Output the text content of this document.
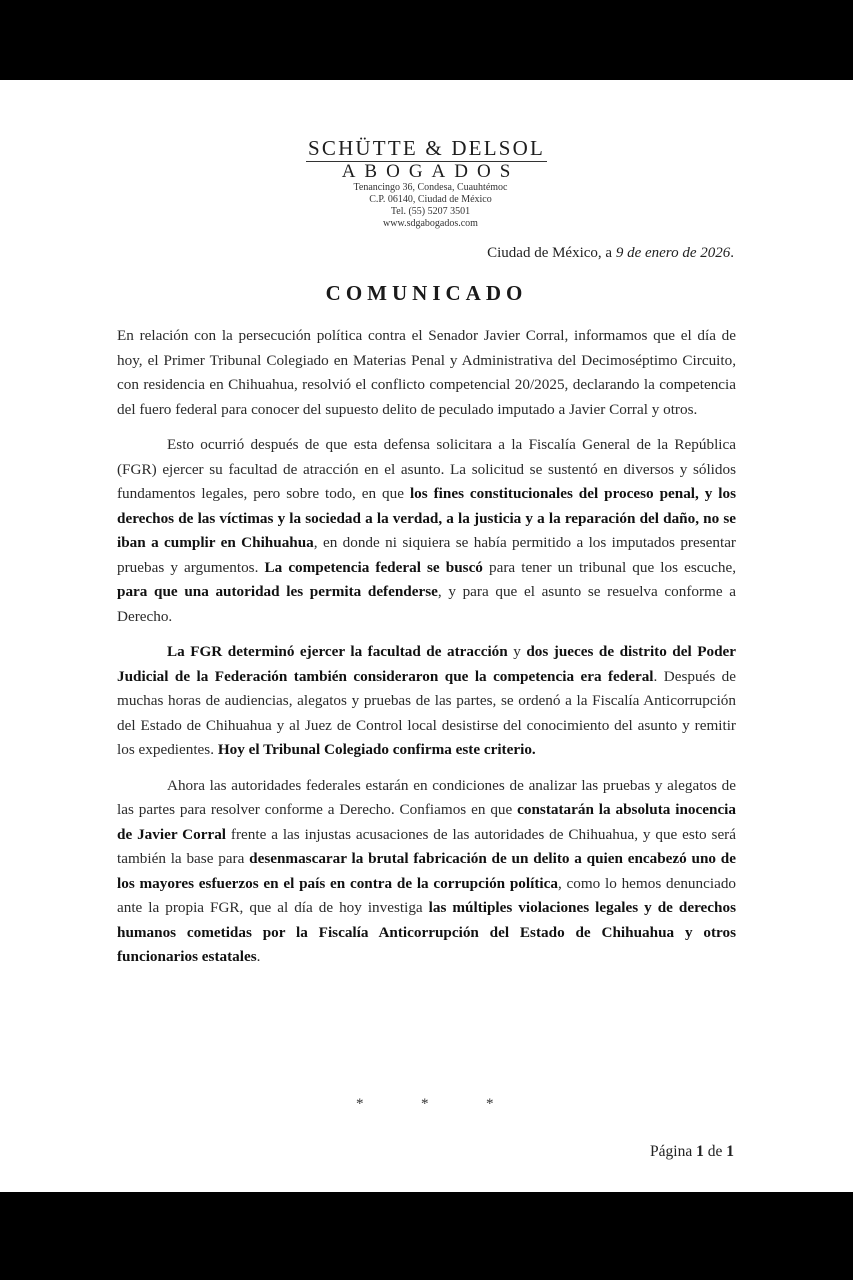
SCHÜTTE & DELSOL
ABOGADOS
Tenancingo 36, Condesa, Cuauhtémoc
C.P. 06140, Ciudad de México
Tel. (55) 5207 3501
www.sdgabogados.com
Ciudad de México, a 9 de enero de 2026.
COMUNICADO

En relación con la persecución política contra el Senador Javier Corral, informamos que el día de hoy, el Primer Tribunal Colegiado en Materias Penal y Administrativa del Decimoséptimo Circuito, con residencia en Chihuahua, resolvió el conflicto competencial 20/2025, declarando la competencia del fuero federal para conocer del supuesto delito de peculado imputado a Javier Corral y otros.

Esto ocurrió después de que esta defensa solicitara a la Fiscalía General de la República (FGR) ejercer su facultad de atracción en el asunto. La solicitud se sustentó en diversos y sólidos fundamentos legales, pero sobre todo, en que los fines constitucionales del proceso penal, y los derechos de las víctimas y la sociedad a la verdad, a la justicia y a la reparación del daño, no se iban a cumplir en Chihuahua, en donde ni siquiera se había permitido a los imputados presentar pruebas y argumentos. La competencia federal se buscó para tener un tribunal que los escuche, para que una autoridad les permita defenderse, y para que el asunto se resuelva conforme a Derecho.

La FGR determinó ejercer la facultad de atracción y dos jueces de distrito del Poder Judicial de la Federación también consideraron que la competencia era federal. Después de muchas horas de audiencias, alegatos y pruebas de las partes, se ordenó a la Fiscalía Anticorrupción del Estado de Chihuahua y al Juez de Control local desistirse del conocimiento del asunto y remitir los expedientes. Hoy el Tribunal Colegiado confirma este criterio.

Ahora las autoridades federales estarán en condiciones de analizar las pruebas y alegatos de las partes para resolver conforme a Derecho. Confiamos en que constatarán la absoluta inocencia de Javier Corral frente a las injustas acusaciones de las autoridades de Chihuahua, y que esto será también la base para desenmascarar la brutal fabricación de un delito a quien encabezó uno de los mayores esfuerzos en el país en contra de la corrupción política, como lo hemos denunciado ante la propia FGR, que al día de hoy investiga las múltiples violaciones legales y de derechos humanos cometidas por la Fiscalía Anticorrupción del Estado de Chihuahua y otros funcionarios estatales.

*	*	*
Página 1 de 1
